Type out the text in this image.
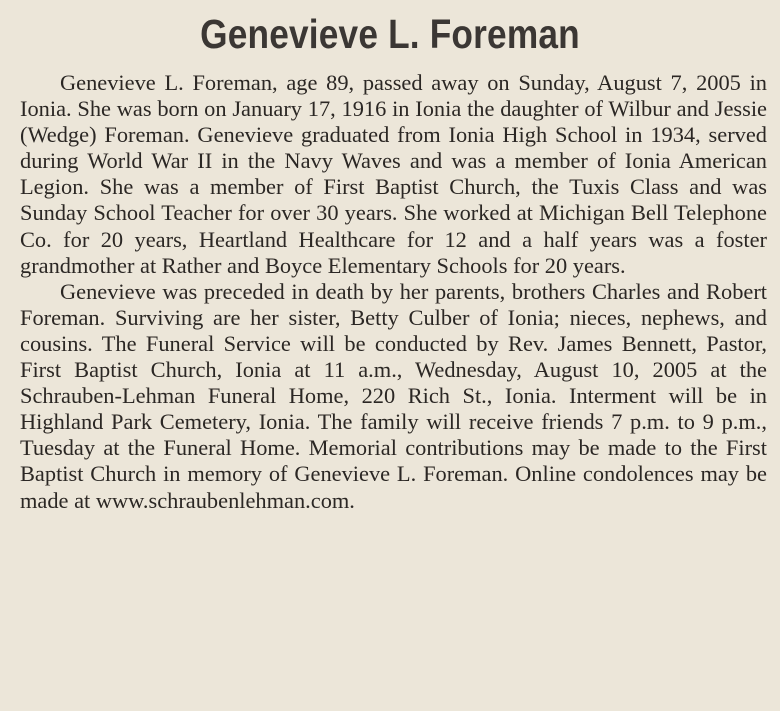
Genevieve L. Foreman

Genevieve L. Foreman, age 89, passed away on Sunday, August 7, 2005 in Ionia. She was born on January 17, 1916 in Ionia the daughter of Wilbur and Jessie (Wedge) Foreman. Genevieve graduated from Ionia High School in 1934, served during World War II in the Navy Waves and was a member of Ionia American Legion. She was a member of First Baptist Church, the Tuxis Class and was Sunday School Teacher for over 30 years. She worked at Michigan Bell Telephone Co. for 20 years, Heartland Healthcare for 12 and a half years was a foster grandmother at Rather and Boyce Elementary Schools for 20 years.

Genevieve was preceded in death by her parents, brothers Charles and Robert Foreman. Surviving are her sister, Betty Culber of Ionia; nieces, nephews, and cousins. The Funeral Service will be conducted by Rev. James Bennett, Pastor, First Baptist Church, Ionia at 11 a.m., Wednesday, August 10, 2005 at the Schrauben-Lehman Funeral Home, 220 Rich St., Ionia. Interment will be in Highland Park Cemetery, Ionia. The family will receive friends 7 p.m. to 9 p.m., Tuesday at the Funeral Home. Memorial contributions may be made to the First Baptist Church in memory of Genevieve L. Foreman. Online condolences may be made at www.schraubenlehman.com.
